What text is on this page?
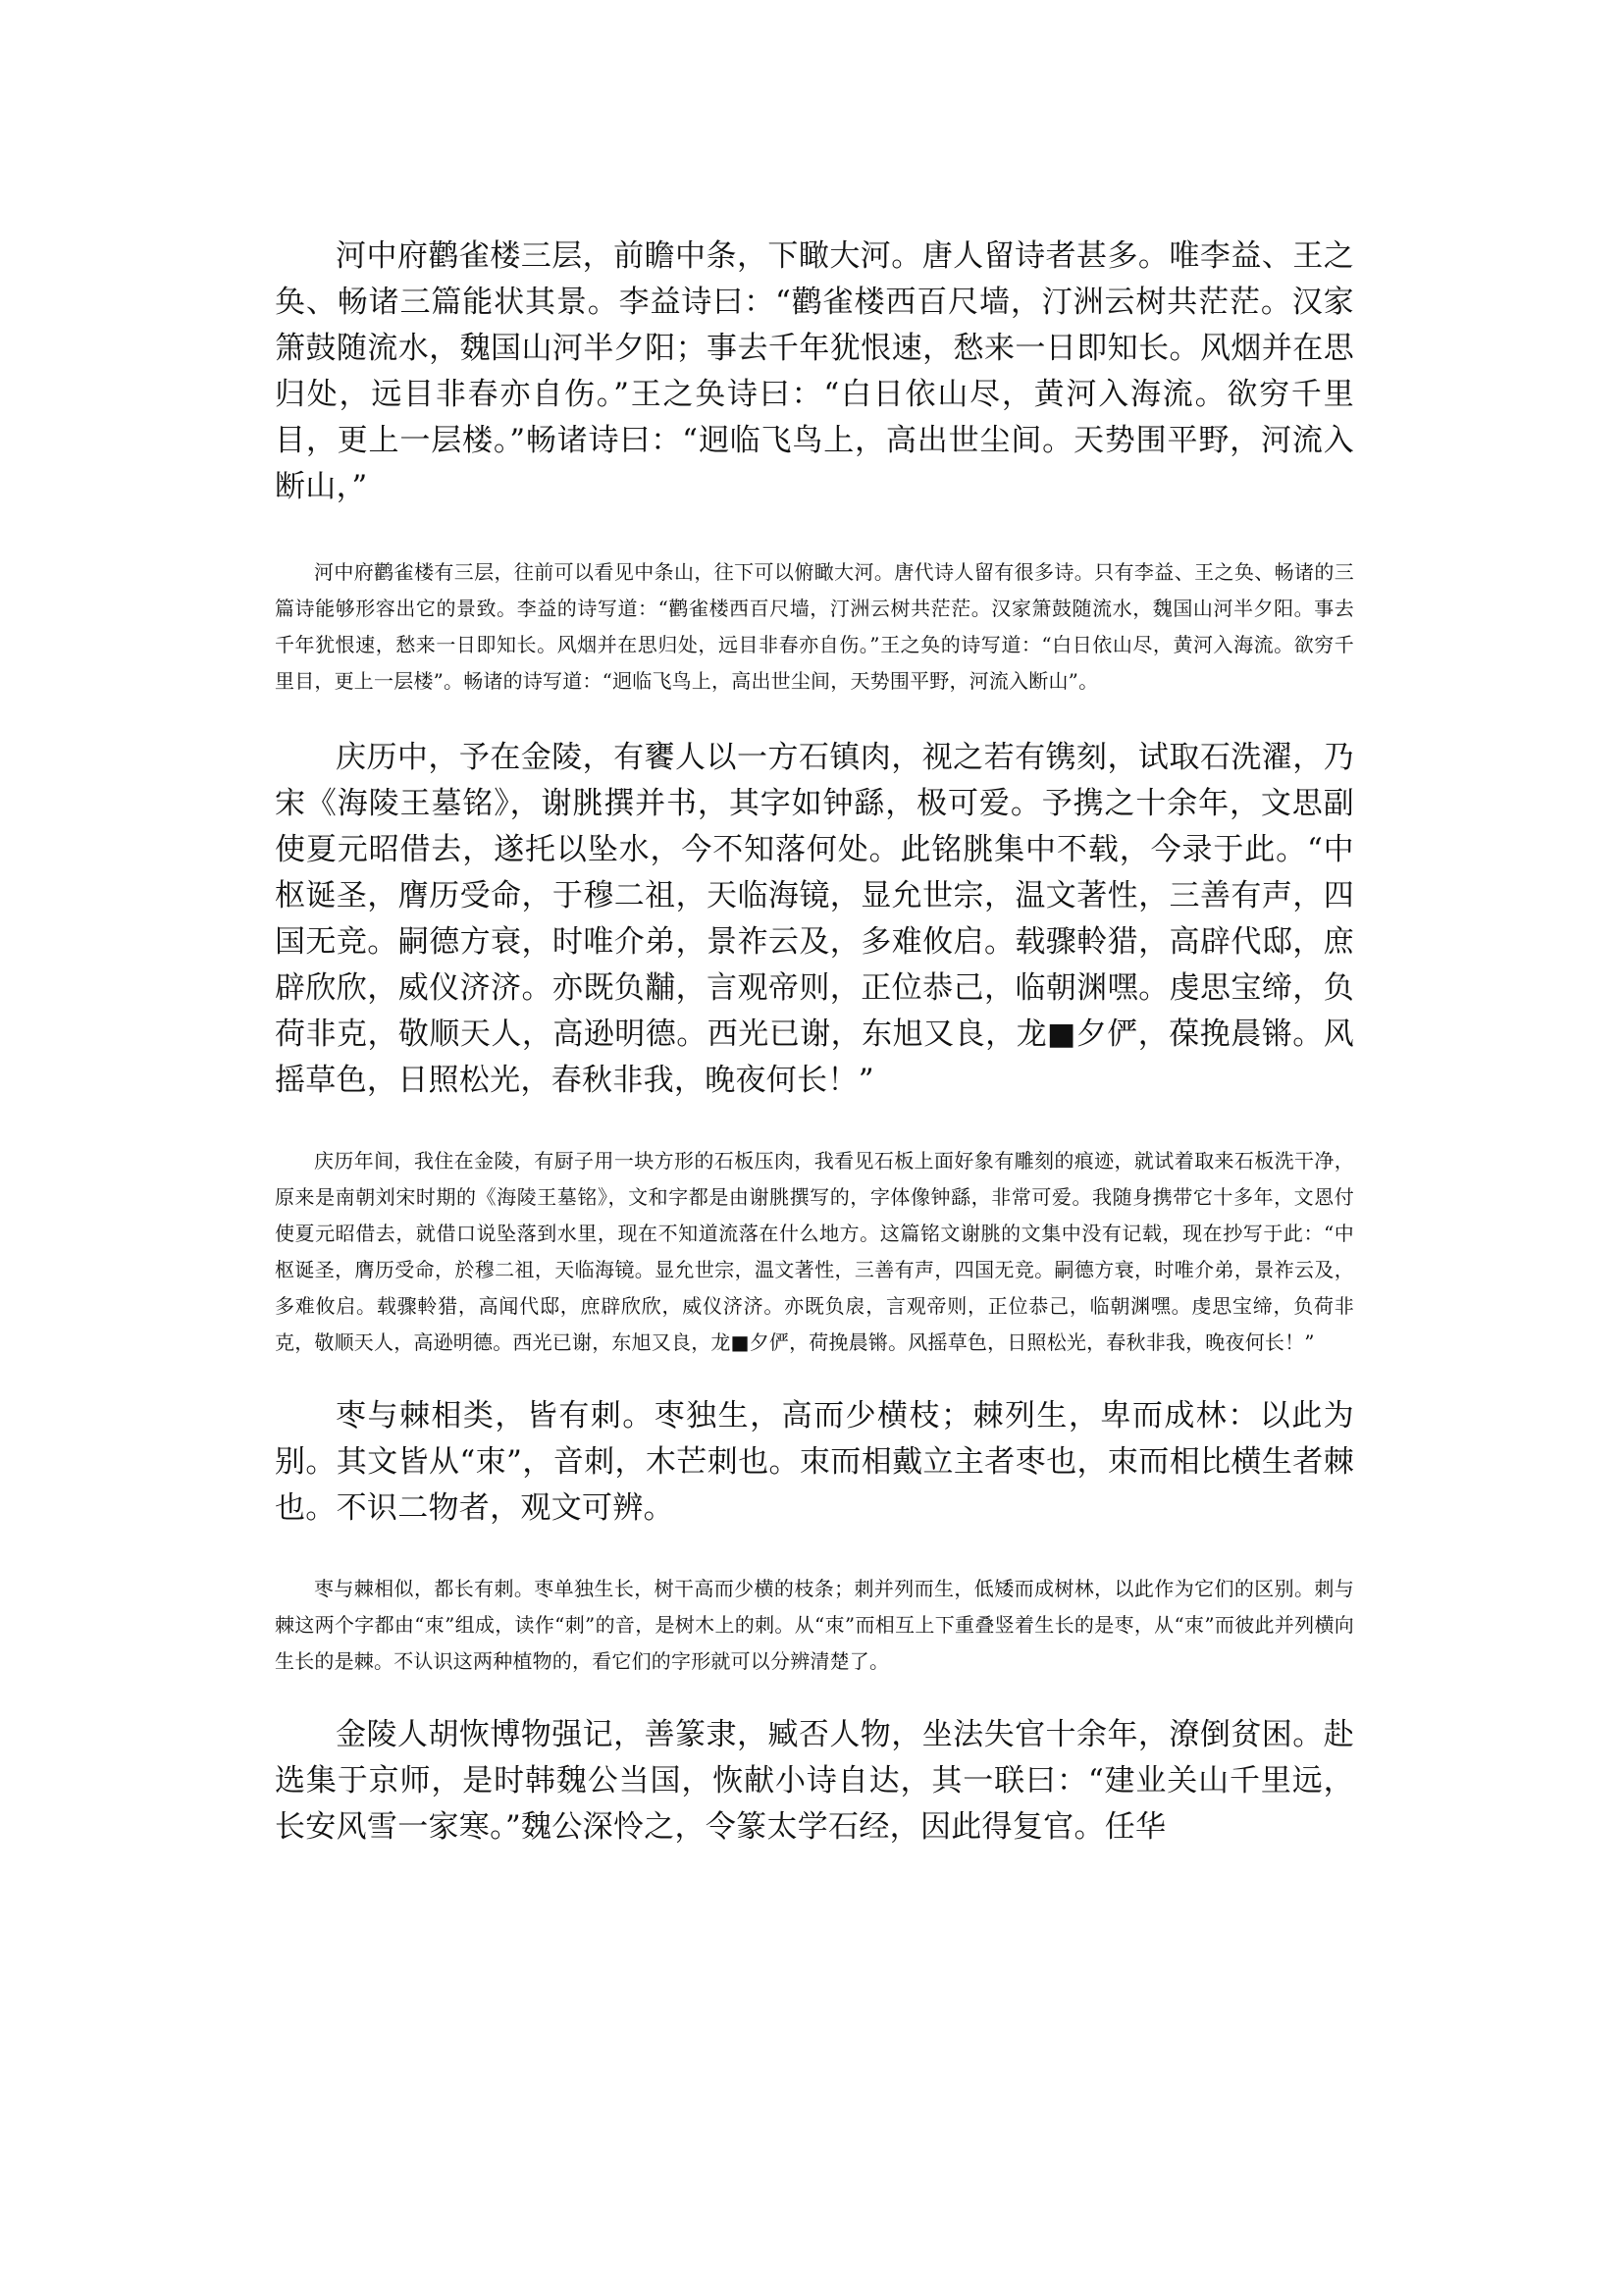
河中府鹳雀楼三层，前瞻中条，下瞰大河。唐人留诗者甚多。唯李益、王之奂、畅诸三篇能状其景。李益诗曰：“鹳雀楼西百尺墙，汀洲云树共茫茫。汉家箫鼓随流水，魏国山河半夕阳；事去千年犹恨速，愁来一日即知长。风烟并在思归处，远目非春亦自伤。”王之奂诗曰：“白日依山尽，黄河入海流。欲穷千里目，更上一层楼。”畅诸诗曰：“迥临飞鸟上，高出世尘间。天势围平野，河流入断山，”

河中府鹳雀楼有三层，往前可以看见中条山，往下可以俯瞰大河。唐代诗人留有很多诗。只有李益、王之奂、畅诸的三篇诗能够形容出它的景致。李益的诗写道：“鹳雀楼西百尺墙，汀洲云树共茫茫。汉家箫鼓随流水，魏国山河半夕阳。事去千年犹恨速，愁来一日即知长。风烟并在思归处，远目非春亦自伤。”王之奂的诗写道：“白日依山尽，黄河入海流。欲穷千里目，更上一层楼”。畅诸的诗写道：“迥临飞鸟上，高出世尘间，天势围平野，河流入断山”。

庆历中，予在金陵，有饔人以一方石镇肉，视之若有镌刻，试取石洗濯，乃宋《海陵王墓铭》，谢朓撰并书，其字如钟繇，极可爱。予携之十余年，文思副使夏元昭借去，遂托以坠水，今不知落何处。此铭朓集中不载，今录于此。“中枢诞圣，膺历受命，于穆二祖，天临海镜，显允世宗，温文著性，三善有声，四国无竞。嗣德方衰，时唯介弟，景祚云及，多难攸启。载骤軨猎，高辟代邸，庶辟欣欣，威仪济济。亦既负黼，言观帝则，正位恭己，临朝渊嘿。虔思宝缔，负荷非克，敬顺天人，高逊明德。西光已谢，东旭又良，龙■夕俨，葆挽晨锵。风摇草色，日照松光，春秋非我，晚夜何长！”

庆历年间，我住在金陵，有厨子用一块方形的石板压肉，我看见石板上面好象有雕刻的痕迹，就试着取来石板洗干净，原来是南朝刘宋时期的《海陵王墓铭》，文和字都是由谢朓撰写的，字体像钟繇，非常可爱。我随身携带它十多年，文恩付使夏元昭借去，就借口说坠落到水里，现在不知道流落在什么地方。这篇铭文谢朓的文集中没有记载，现在抄写于此：“中枢诞圣，膺历受命，於穆二祖，天临海镜。显允世宗，温文著性，三善有声，四国无竞。嗣德方衰，时唯介弟，景祚云及，多难攸启。载骤軨猎，高闻代邸，庶辟欣欣，威仪济济。亦既负扆，言观帝则，正位恭己，临朝渊嘿。虔思宝缔，负荷非克，敬顺天人，高逊明德。西光已谢，东旭又良，龙■夕俨，荷挽晨锵。风摇草色，日照松光，春秋非我，晚夜何长！”

枣与棘相类，皆有刺。枣独生，高而少横枝；棘列生，卑而成林：以此为别。其文皆从“朿”，音刺，木芒刺也。朿而相戴立主者枣也，朿而相比横生者棘也。不识二物者，观文可辨。

枣与棘相似，都长有刺。枣单独生长，树干高而少横的枝条；刺并列而生，低矮而成树林，以此作为它们的区别。刺与棘这两个字都由“朿”组成，读作“刺”的音，是树木上的刺。从“朿”而相互上下重叠竖着生长的是枣，从“朿”而彼此并列横向生长的是棘。不认识这两种植物的，看它们的字形就可以分辨清楚了。

金陵人胡恢博物强记，善篆隶，臧否人物，坐法失官十余年，潦倒贫困。赴选集于京师，是时韩魏公当国，恢献小诗自达，其一联曰：“建业关山千里远，长安风雪一家寒。”魏公深怜之，令篆太学石经，因此得复官。任华
